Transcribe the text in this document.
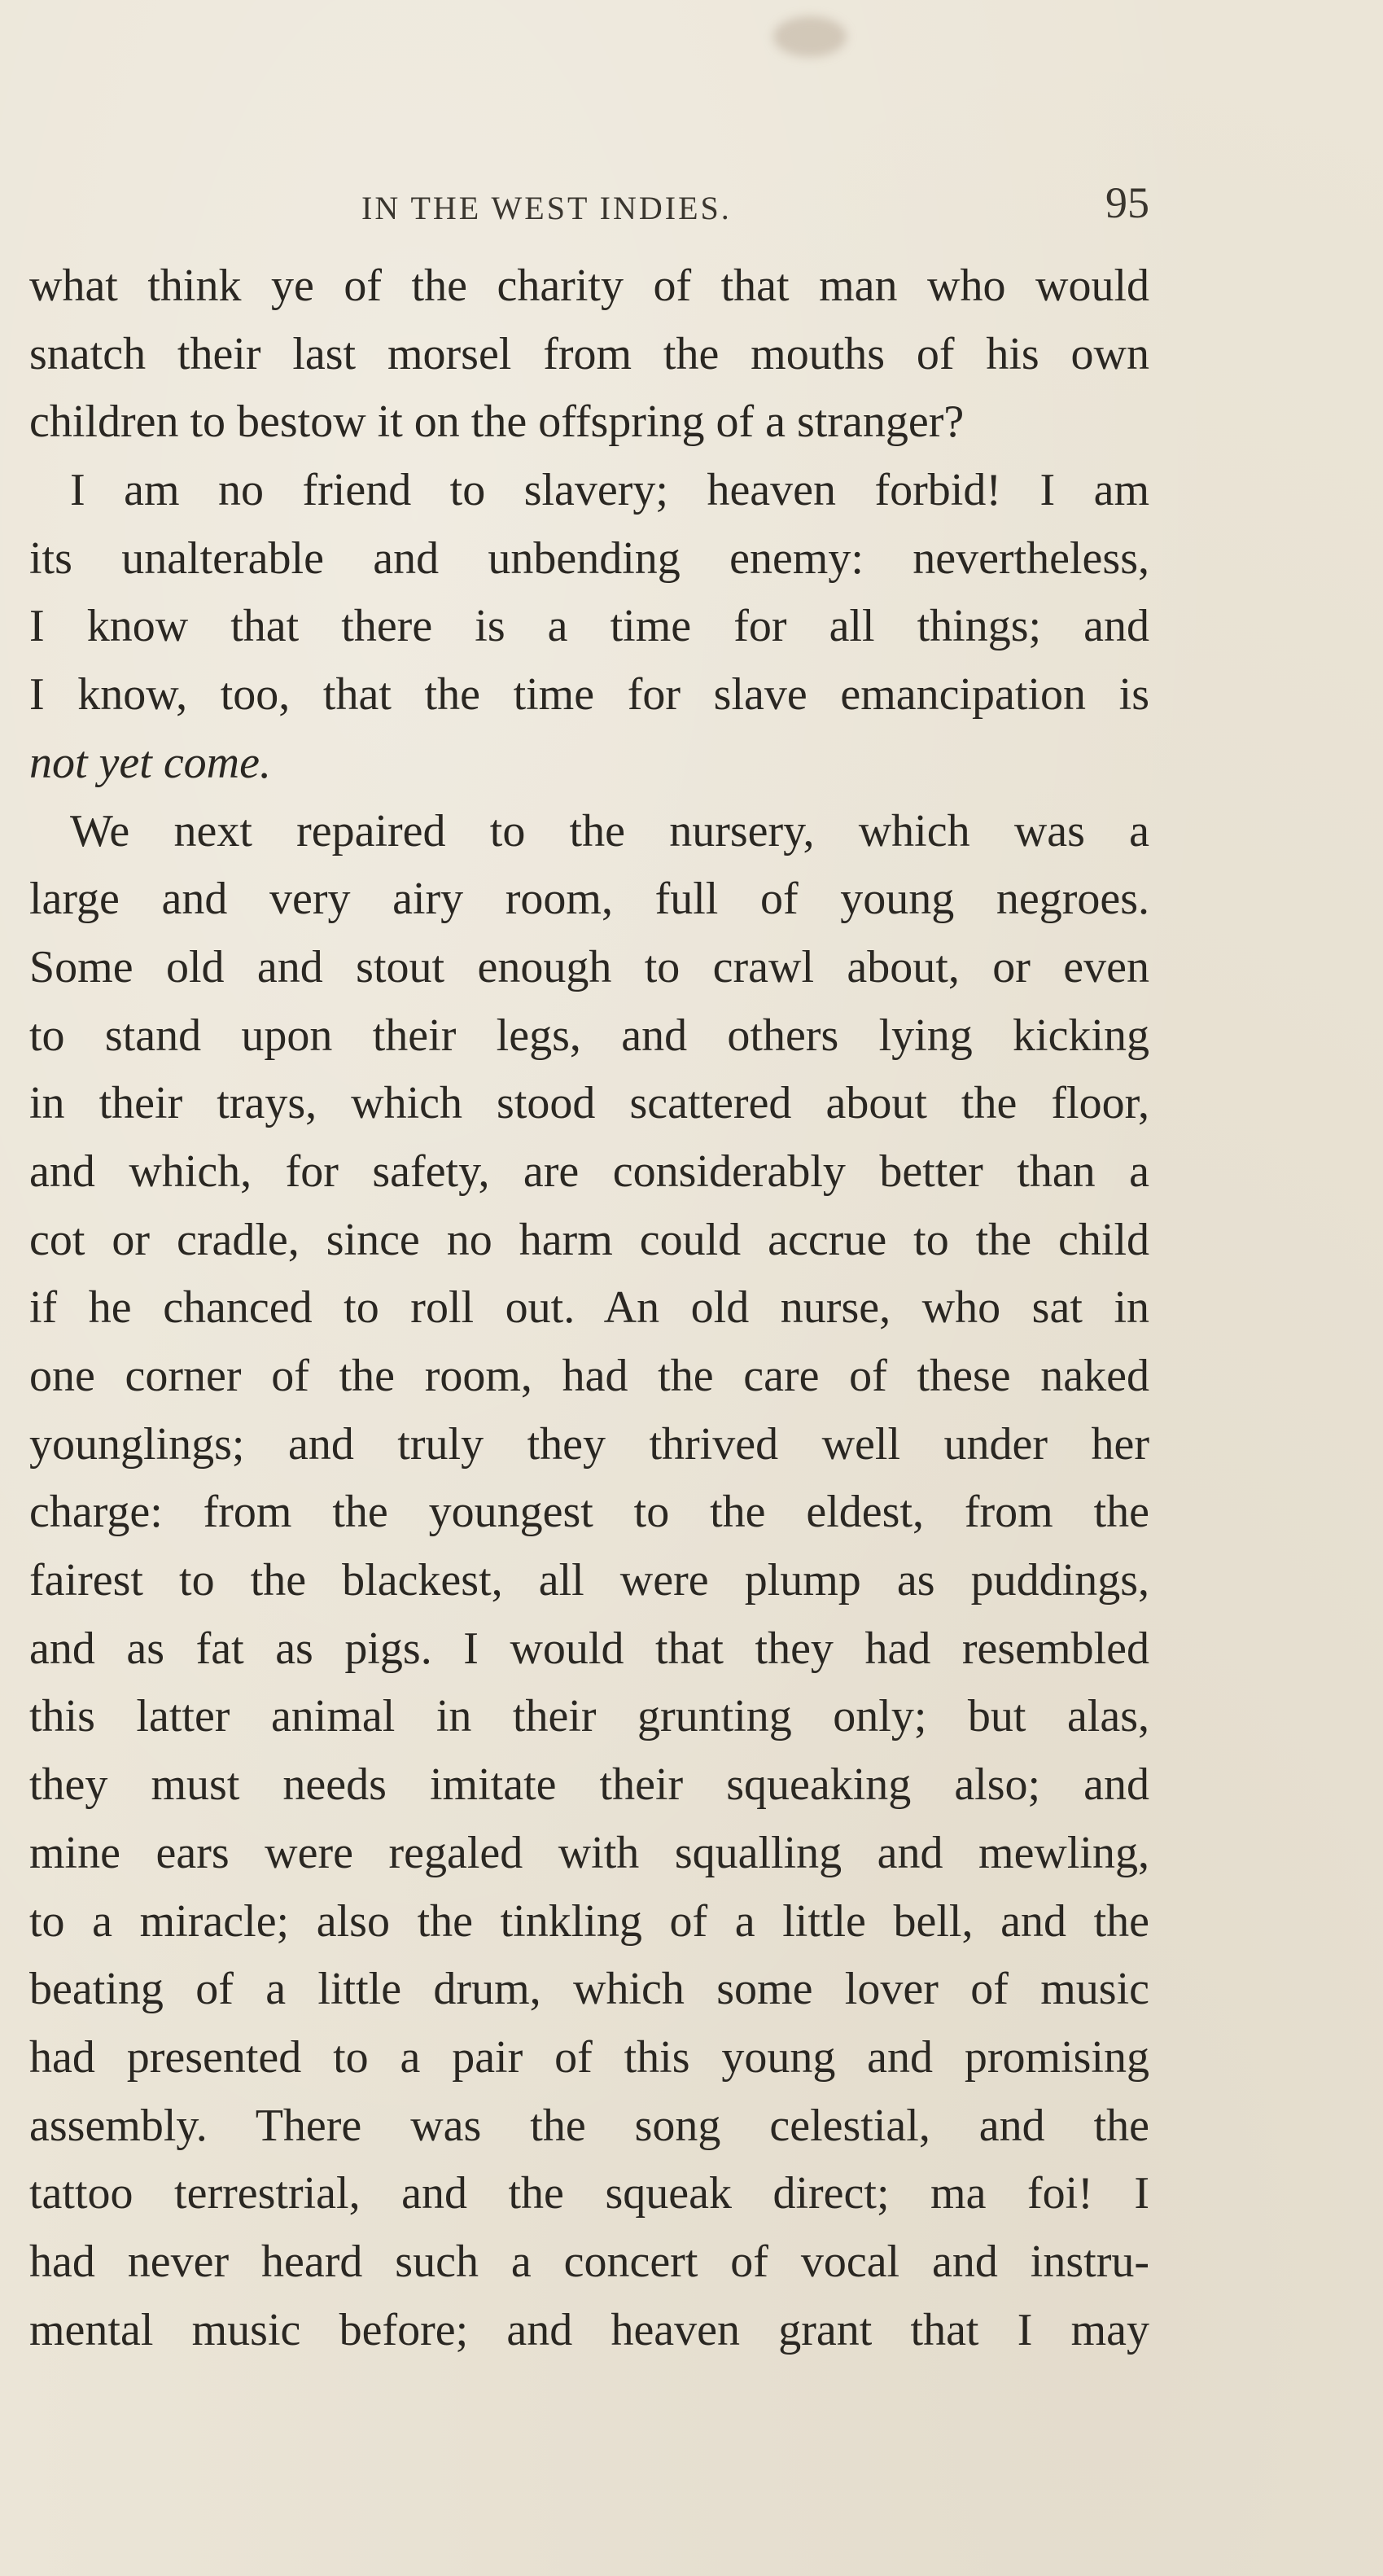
IN THE WEST INDIES.	95
what think ye of the charity of that man who would
snatch their last morsel from the mouths of his own
children to bestow it on the offspring of a stranger?
I am no friend to slavery; heaven forbid! I am
its unalterable and unbending enemy: nevertheless,
I know that there is a time for all things; and
I know, too, that the time for slave emancipation is
not yet come.
We next repaired to the nursery, which was a
large and very airy room, full of young negroes.
Some old and stout enough to crawl about, or even
to stand upon their legs, and others lying kicking
in their trays, which stood scattered about the floor,
and which, for safety, are considerably better than a
cot or cradle, since no harm could accrue to the child
if he chanced to roll out. An old nurse, who sat in
one corner of the room, had the care of these naked
younglings; and truly they thrived well under her
charge: from the youngest to the eldest, from the
fairest to the blackest, all were plump as puddings,
and as fat as pigs. I would that they had resembled
this latter animal in their grunting only; but alas,
they must needs imitate their squeaking also; and
mine ears were regaled with squalling and mewling,
to a miracle; also the tinkling of a little bell, and the
beating of a little drum, which some lover of music
had presented to a pair of this young and promising
assembly. There was the song celestial, and the
tattoo terrestrial, and the squeak direct; ma foi! I
had never heard such a concert of vocal and instru-
mental music before; and heaven grant that I may
